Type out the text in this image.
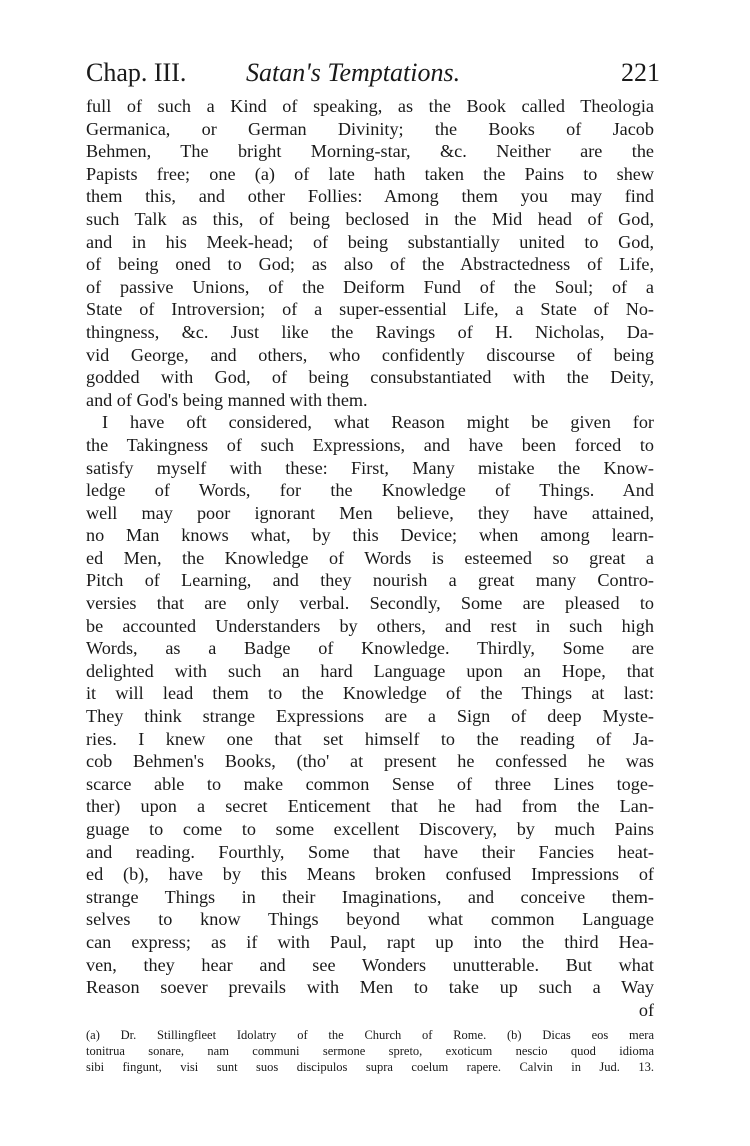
Chap. III. Satan's Temptations.	221
full of such a Kind of speaking, as the Book called Theologia
Germanica, or German Divinity; the Books of Jacob
Behmen, The bright Morning-star, &c. Neither are the
Papists free; one (a) of late hath taken the Pains to shew
them this, and other Follies: Among them you may find
such Talk as this, of being beclosed in the Mid head of God,
and in his Meek-head; of being substantially united to God,
of being oned to God; as also of the Abstractedness of Life,
of passive Unions, of the Deiform Fund of the Soul; of a
State of Introversion; of a super-essential Life, a State of No-
thingness, &c. Just like the Ravings of H. Nicholas, Da-
vid George, and others, who confidently discourse of being
godded with God, of being consubstantiated with the Deity,
and of God's being manned with them.
I have oft considered, what Reason might be given for
the Takingness of such Expressions, and have been forced to
satisfy myself with these: First, Many mistake the Know-
ledge of Words, for the Knowledge of Things. And
well may poor ignorant Men believe, they have attained,
no Man knows what, by this Device; when among learn-
ed Men, the Knowledge of Words is esteemed so great a
Pitch of Learning, and they nourish a great many Contro-
versies that are only verbal. Secondly, Some are pleased to
be accounted Understanders by others, and rest in such high
Words, as a Badge of Knowledge. Thirdly, Some are
delighted with such an hard Language upon an Hope, that
it will lead them to the Knowledge of the Things at last:
They think strange Expressions are a Sign of deep Myste-
ries. I knew one that set himself to the reading of Ja-
cob Behmen's Books, (tho' at present he confessed he was
scarce able to make common Sense of three Lines toge-
ther) upon a secret Enticement that he had from the Lan-
guage to come to some excellent Discovery, by much Pains
and reading. Fourthly, Some that have their Fancies heat-
ed (b), have by this Means broken confused Impressions of
strange Things in their Imaginations, and conceive them-
selves to know Things beyond what common Language
can express; as if with Paul, rapt up into the third Hea-
ven, they hear and see Wonders unutterable. But what
Reason soever prevails with Men to take up such a Way
of
(a) Dr. Stillingfleet Idolatry of the Church of Rome. (b) Dicas eos mera
tonitrua sonare, nam communi sermone spreto, exoticum nescio quod idioma
sibi fingunt, visi sunt suos discipulos supra coelum rapere. Calvin in Jud. 13.
